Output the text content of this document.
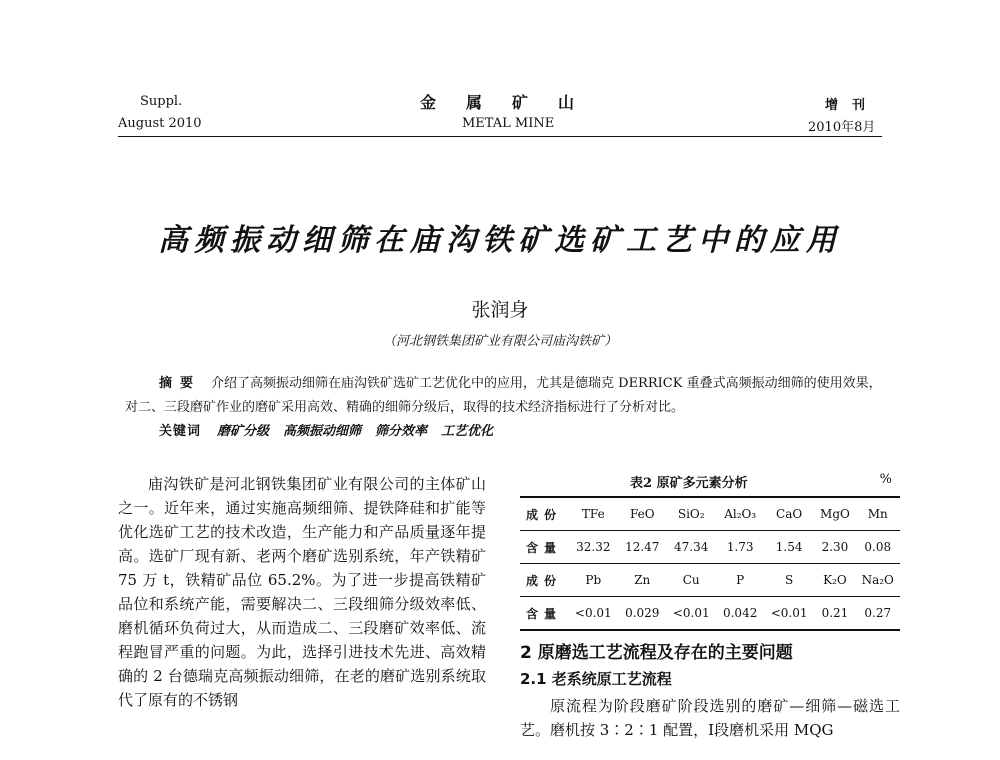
Suppl.
August 2010
金属矿山
METAL MINE
增刊
2010年8月
高频振动细筛在庙沟铁矿选矿工艺中的应用
张润身
（河北钢铁集团矿业有限公司庙沟铁矿）
摘要 介绍了高频振动细筛在庙沟铁矿选矿工艺优化中的应用，尤其是德瑞克 DERRICK 重叠式高频振动细筛的使用效果，对二、三段磨矿作业的磨矿采用高效、精确的细筛分级后，取得的技术经济指标进行了分析对比。
关键词 磨矿分级 高频振动细筛 筛分效率 工艺优化

庙沟铁矿是河北钢铁集团矿业有限公司的主体矿山之一。近年来，通过实施高频细筛、提铁降硅和扩能等优化选矿工艺的技术改造，生产能力和产品质量逐年提高。选矿厂现有新、老两个磨矿选别系统，年产铁精矿 75 万 t，铁精矿品位 65.2%。为了进一步提高铁精矿品位和系统产能，需要解决二、三段细筛分级效率低、磨机循环负荷过大，从而造成二、三段磨矿效率低、流程跑冒严重的问题。为此，选择引进技术先进、高效精确的 2 台德瑞克高频振动细筛，在老的磨矿选别系统取代了原有的不锈钢

表2 原矿多元素分析	%
成份	TFe	FeO	SiO₂	Al₂O₃	CaO	MgO	Mn
含量	32.32	12.47	47.34	1.73	1.54	2.30	0.08
成份	Pb	Zn	Cu	P	S	K₂O	Na₂O
含量	<0.01	0.029	<0.01	0.042	<0.01	0.21	0.27
2 原磨选工艺流程及存在的主要问题
2.1 老系统原工艺流程

原流程为阶段磨矿阶段选别的磨矿—细筛—磁选工艺。磨机按 3∶2∶1 配置，Ⅰ段磨机采用 MQG
